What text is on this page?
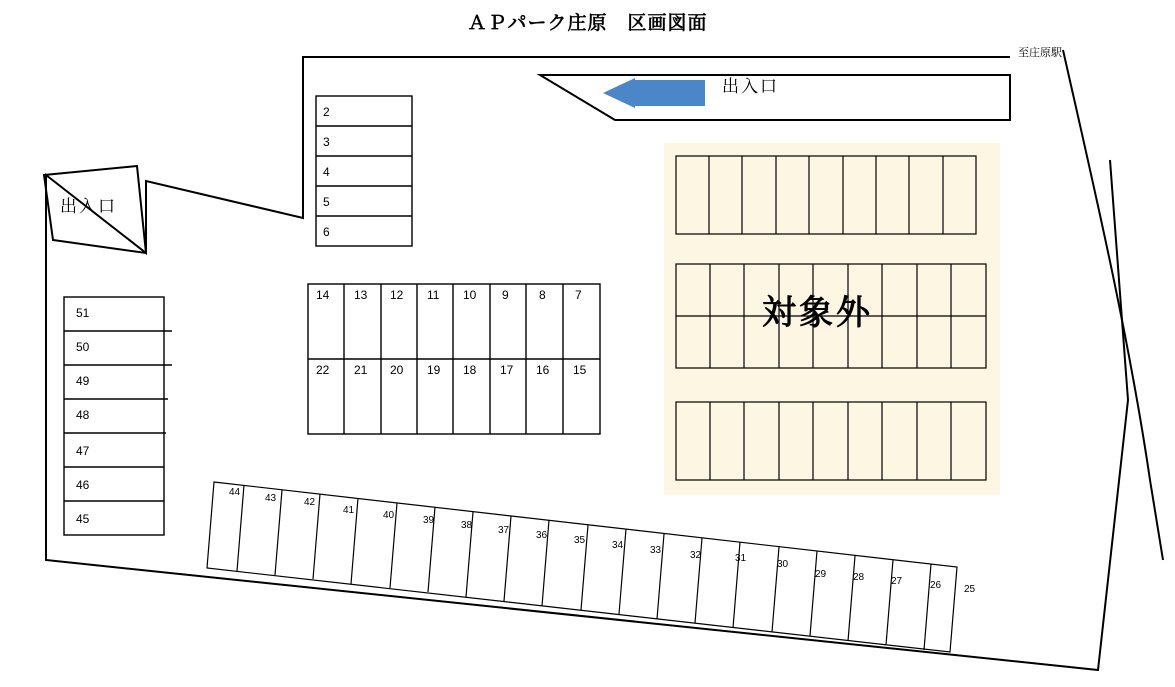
ＡＰパーク庄原　区画図面
出入口
出入口
至庄原駅
対象外
2
3
4
5
6
14 13 12 11 10 9	8 7
22 21 20 19 18 17 16 15
51
50
49
48
47
46
45
44
43	42
41	40	39	38	37	36	35	34	33	32	31
30
29	28	27	26 25
